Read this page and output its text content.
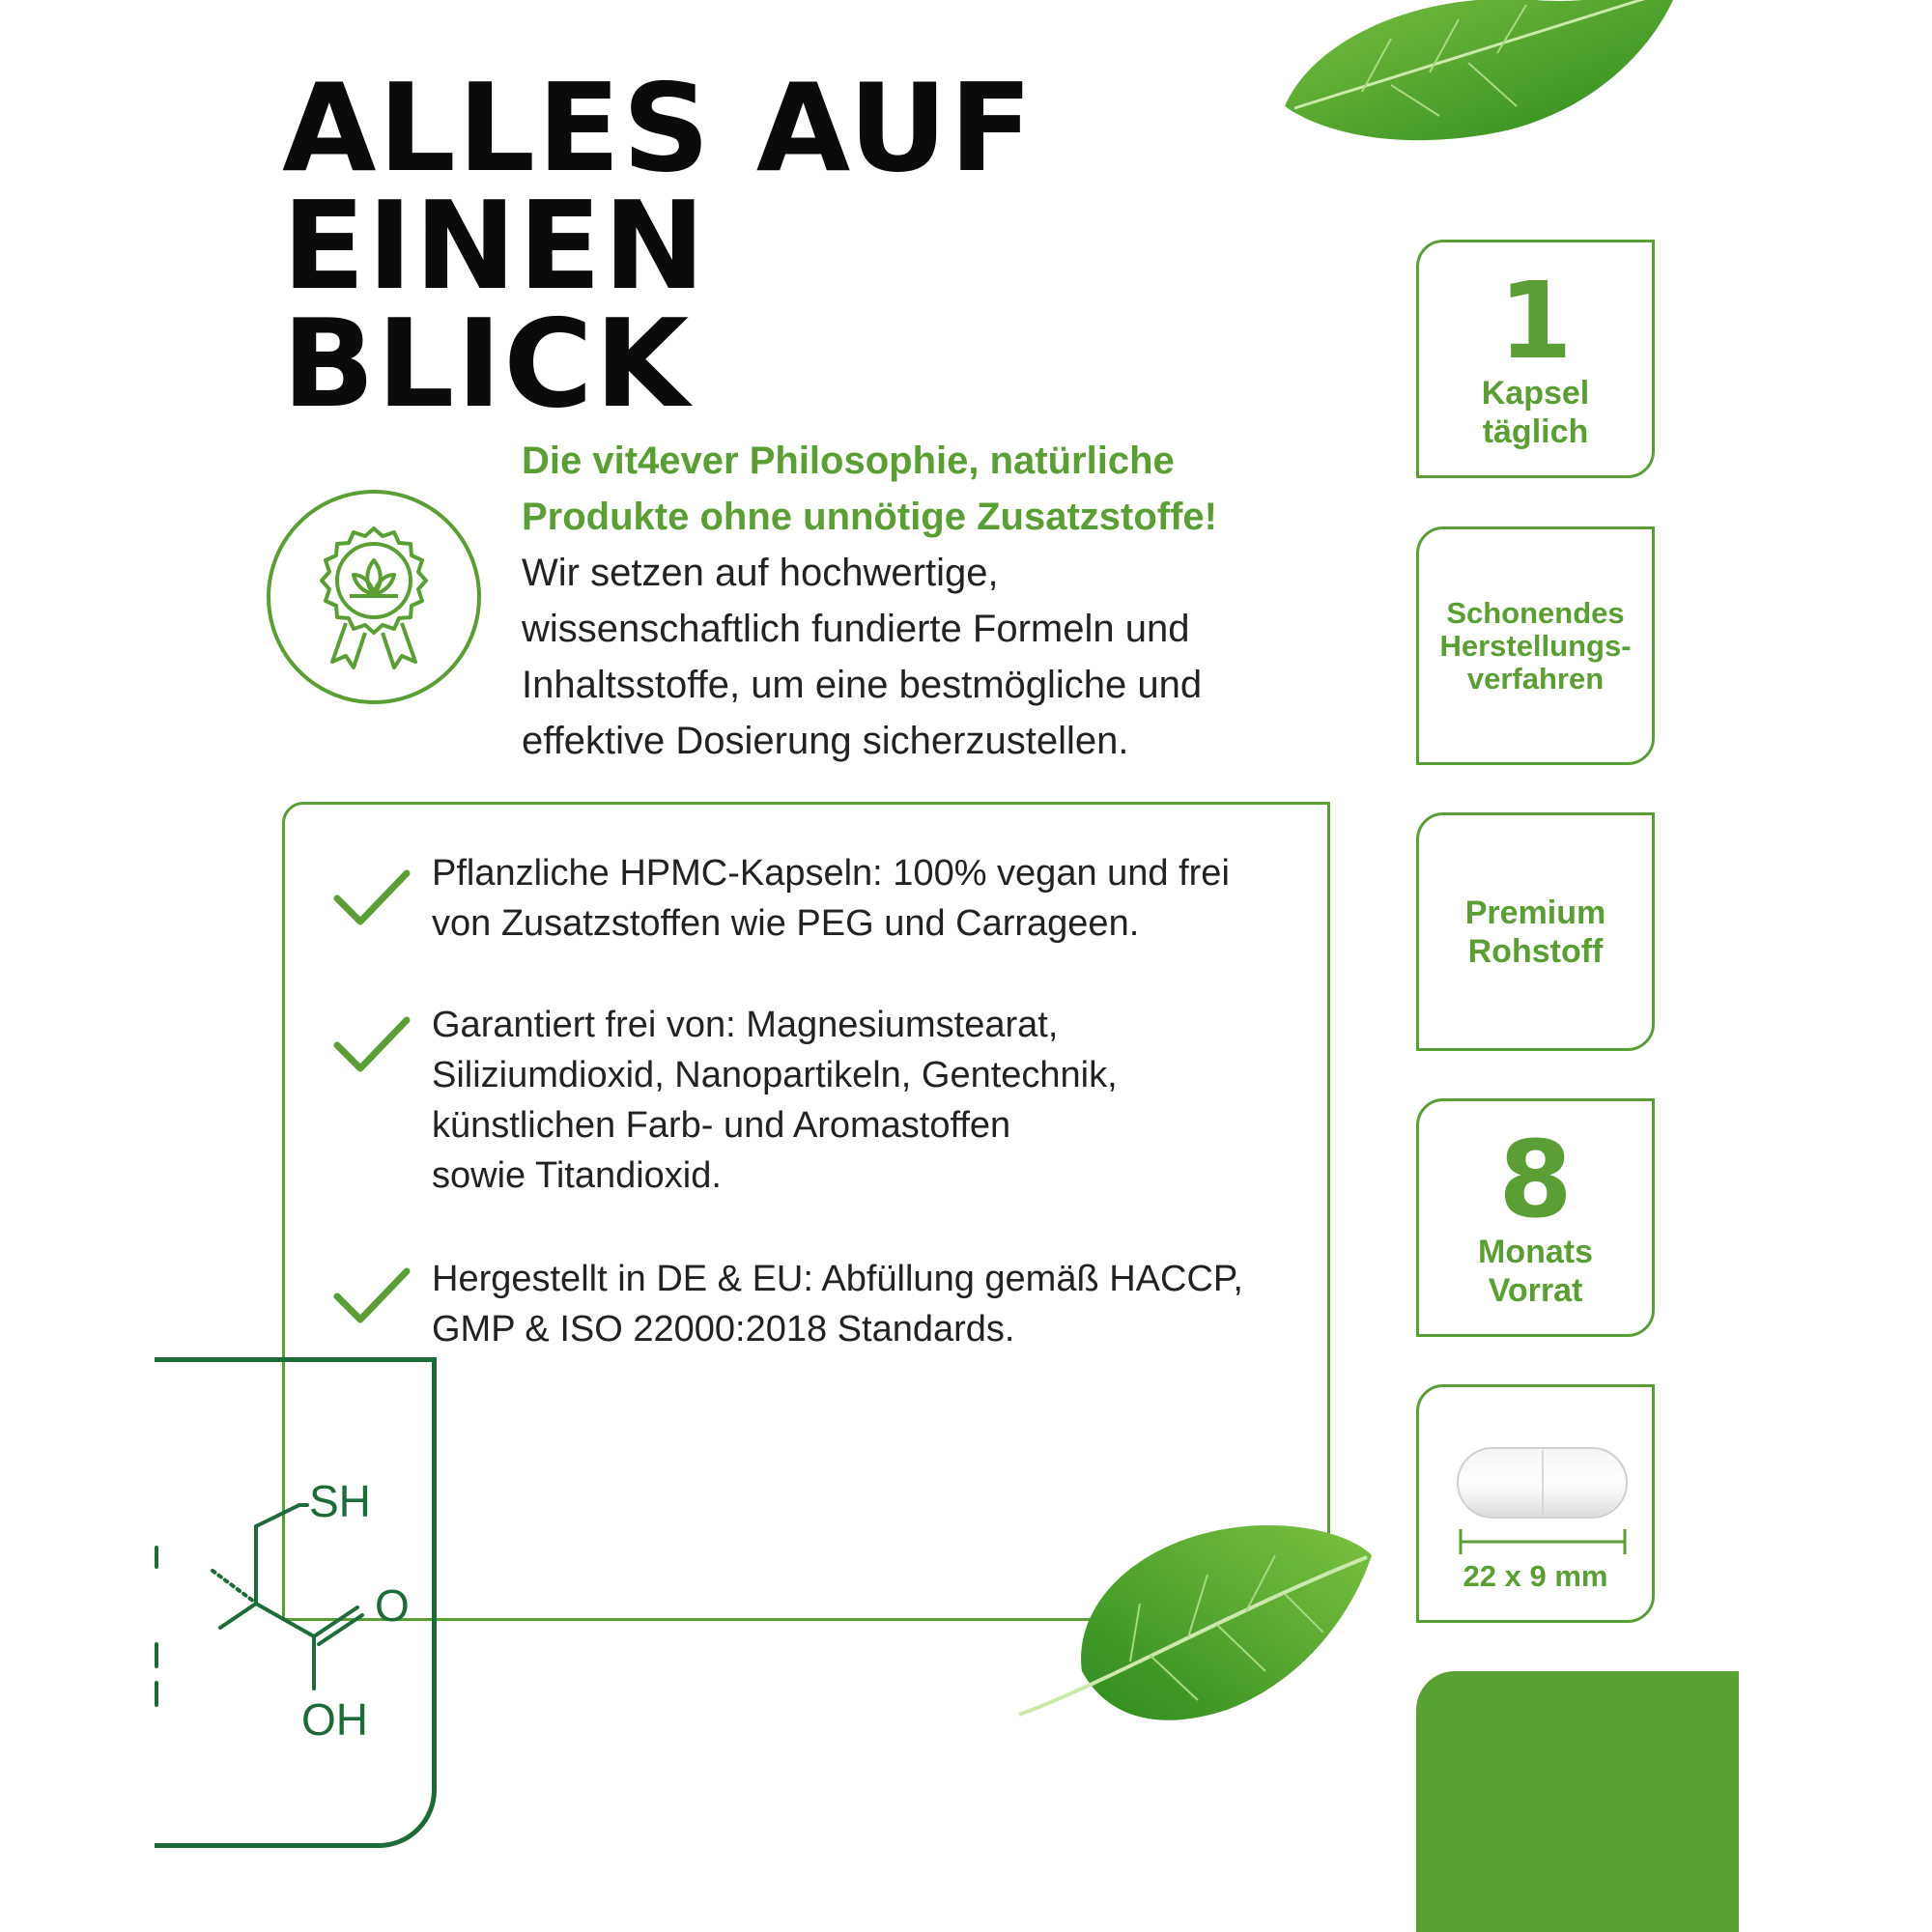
ALLES AUF
EINEN BLICK
Die vit4ever Philosophie, natürliche
Produkte ohne unnötige Zusatzstoffe!
Wir setzen auf hochwertige,
wissenschaftlich fundierte Formeln und
Inhaltsstoffe, um eine bestmögliche und
effektive Dosierung sicherzustellen.
Pflanzliche HPMC-Kapseln: 100% vegan und frei
von Zusatzstoffen wie PEG und Carrageen.
Garantiert frei von: Magnesiumstearat,
Siliziumdioxid, Nanopartikeln, Gentechnik,
künstlichen Farb- und Aromastoffen
sowie Titandioxid.
Hergestellt in DE & EU: Abfüllung gemäß HACCP,
GMP & ISO 22000:2018 Standards.
SH
O
OH
1
Kapsel
täglich
Schonendes
Herstellungs-
verfahren
Premium
Rohstoff
8
Monats
Vorrat
22 x 9 mm
